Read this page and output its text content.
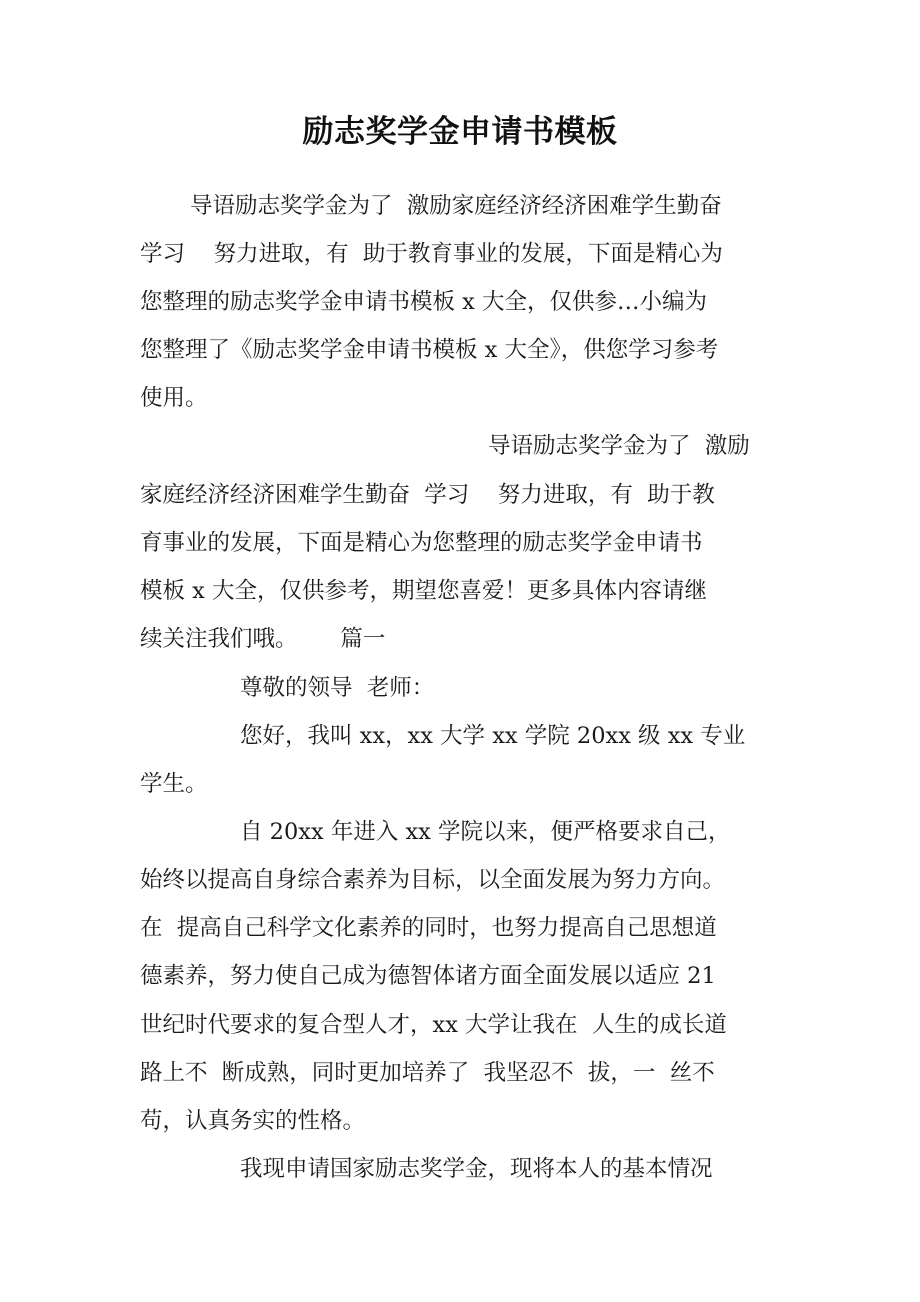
励志奖学金申请书模板
导语励志奖学金为了  激励家庭经济经济困难学生勤奋
学习    努力进取，有  助于教育事业的发展，下面是精心为
您整理的励志奖学金申请书模板 x 大全，仅供参…小编为
您整理了《励志奖学金申请书模板 x 大全》，供您学习参考
使用。
导语励志奖学金为了  激励
家庭经济经济困难学生勤奋  学习    努力进取，有  助于教
育事业的发展，下面是精心为您整理的励志奖学金申请书
模板 x 大全，仅供参考，期望您喜爱！更多具体内容请继
续关注我们哦。      篇一
尊敬的领导  老师：
您好，我叫 xx，xx 大学 xx 学院 20xx 级 xx 专业
学生。
自 20xx 年进入 xx 学院以来，便严格要求自己，
始终以提高自身综合素养为目标，以全面发展为努力方向。
在  提高自己科学文化素养的同时，也努力提高自己思想道
德素养，努力使自己成为德智体诸方面全面发展以适应 21
世纪时代要求的复合型人才，xx 大学让我在  人生的成长道
路上不  断成熟，同时更加培养了  我坚忍不  拔，一  丝不
苟，认真务实的性格。
我现申请国家励志奖学金，现将本人的基本情况
